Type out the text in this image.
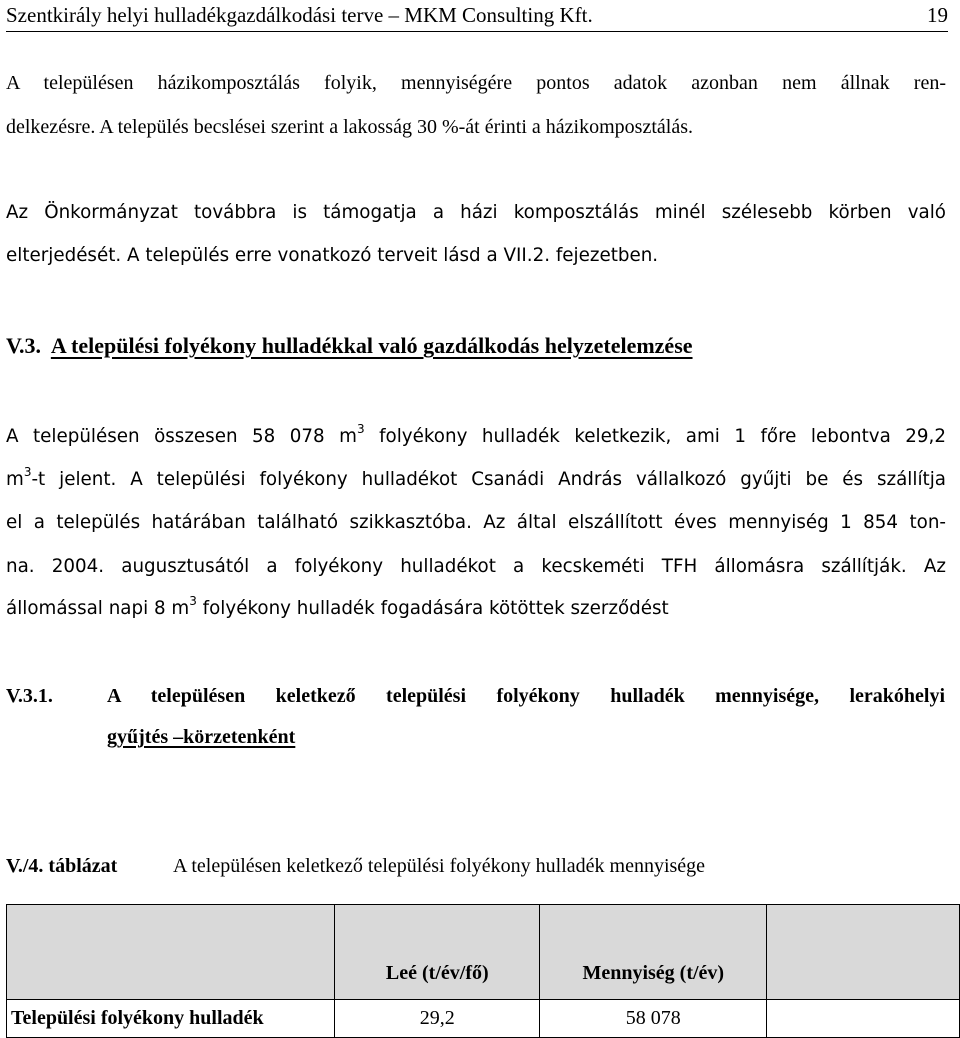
Szentkirály helyi hulladékgazdálkodási terve – MKM Consulting Kft.	19
A településen házikomposztálás folyik, mennyiségére pontos adatok azonban nem állnak ren-
delkezésre. A település becslései szerint a lakosság 30 %-át érinti a házikomposztálás.
Az Önkormányzat továbbra is támogatja a házi komposztálás minél szélesebb körben való
elterjedését. A település erre vonatkozó terveit lásd a VII.2. fejezetben.
V.3. A települési folyékony hulladékkal való gazdálkodás helyzetelemzése
A településen összesen 58 078 $m^3$ folyékony hulladék keletkezik, ami 1 főre lebontva 29,2
$m^3-t$ jelent. A települési folyékony hulladékot Csanádi András vállalkozó gyűjti be és szállítja
el a település határában található szikkasztóba. Az által elszállított éves mennyiség 1 854 ton-
na. 2004. augusztusától a folyékony hulladékot a kecskeméti TFH állomásra szállítják. Az
állomással napi 8 $m^3$ folyékony hulladék fogadására kötöttek szerződést
V.3.1.	A településen keletkező települési folyékony hulladék mennyisége, lerakóhelyi
gyűjtés –körzetenként
V./4. táblázat	A településen keletkező települési folyékony hulladék mennyisége
	Leé (t/év/fő)	Mennyiség (t/év)	
Települési folyékony hulladék	29,2	58 078	
